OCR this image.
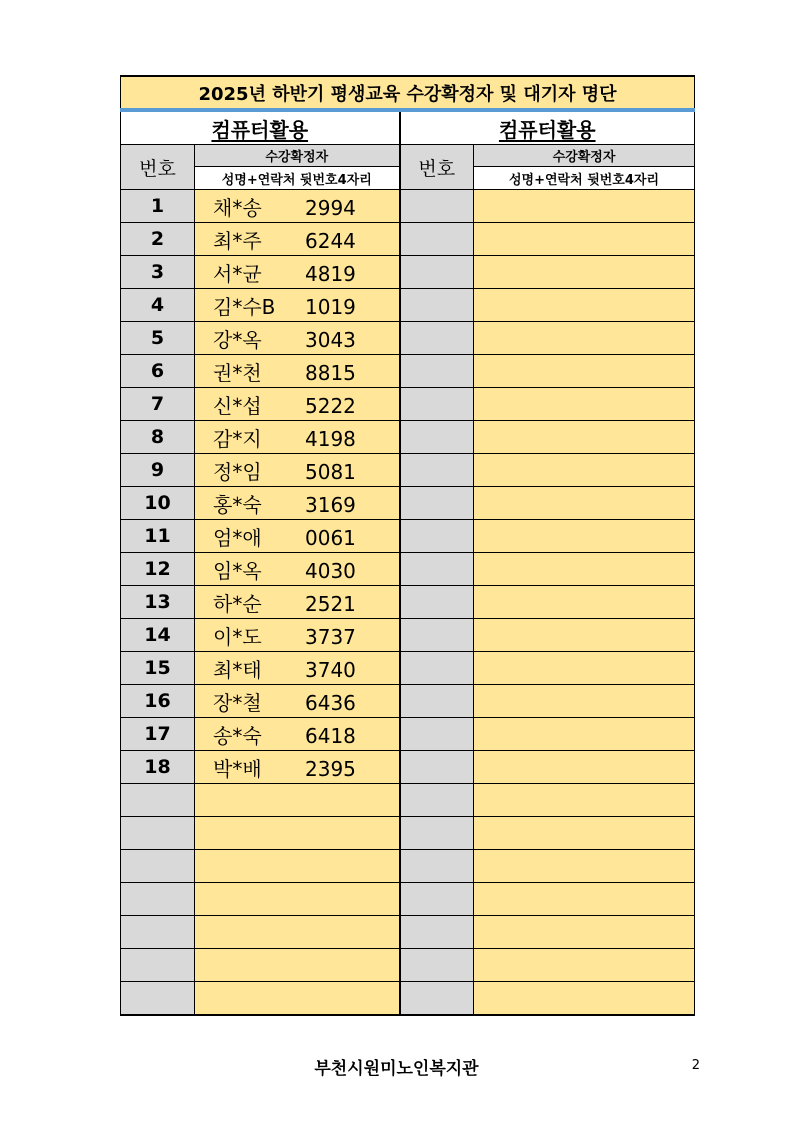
2025년 하반기 평생교육 수강확정자 및 대기자 명단			
컴퓨터활용		컴퓨터활용	
번호	수강확정자	번호	수강확정자
	성명+연락처 뒷번호4자리		성명+연락처 뒷번호4자리
1	채*송 2994		
2	최*주 6244		
3	서*균 4819		
4	김*수B 1019		
5	강*옥 3043		
6	권*천 8815		
7	신*섭 5222		
8	감*지 4198		
9	정*임 5081		
10	홍*숙 3169		
11	엄*애 0061		
12	임*옥 4030		
13	하*순 2521		
14	이*도 3737		
15	최*태 3740		
16	장*철 6436		
17	송*숙 6418		
18	박*배 2395		

부천시원미노인복지관	2
